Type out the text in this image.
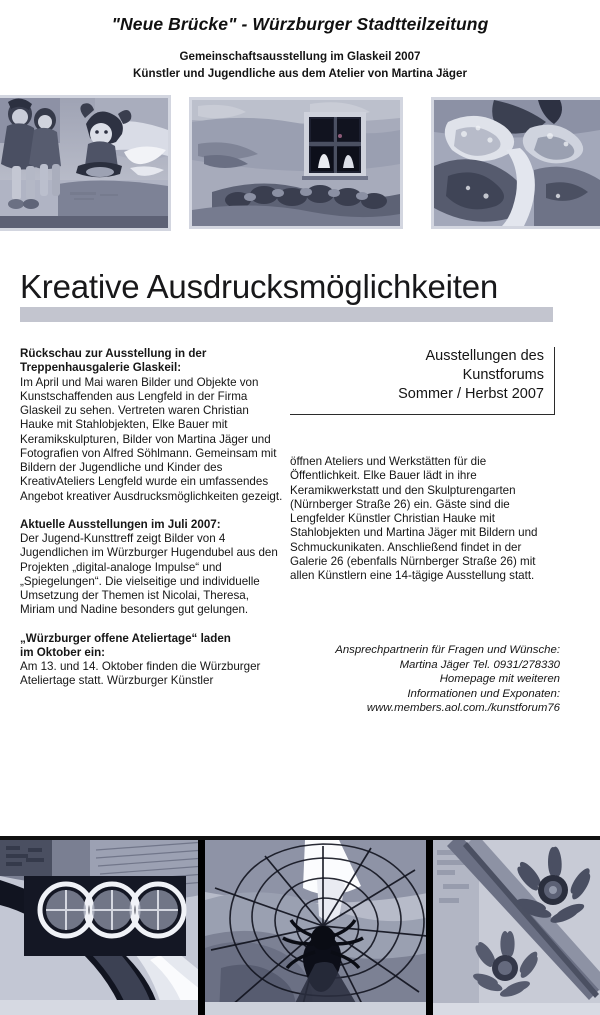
"Neue Brücke" - Würzburger Stadtteilzeitung
Gemeinschaftsausstellung im Glaskeil 2007
Künstler und Jugendliche aus dem Atelier von Martina Jäger
Kreative Ausdrucksmöglichkeiten

Rückschau zur Ausstellung in der

Treppenhausgalerie Glaskeil:

Im April und Mai waren Bilder und Objekte von Kunstschaffenden aus Lengfeld in der Firma Glaskeil zu sehen. Vertreten waren Christian Hauke mit Stahlobjekten, Elke Bauer mit Keramikskulpturen, Bilder von Martina Jäger und Fotografien von Alfred Söhlmann. Gemeinsam mit Bildern der Jugendliche und Kinder des KreativAteliers Lengfeld wurde ein umfassendes Angebot kreativer Ausdrucksmöglichkeiten gezeigt.

Aktuelle Ausstellungen im Juli 2007:

Der Jugend-Kunsttreff zeigt Bilder von 4 Jugendlichen im Würzburger Hugendubel aus den Projekten „digital-analoge Impulse“ und „Spiegelungen“. Die vielseitige und individuelle Umsetzung der Themen ist Nicolai, Theresa, Miriam und Nadine besonders gut gelungen.

„Würzburger offene Ateliertage“ laden

im Oktober ein:

Am 13. und 14. Oktober finden die Würzburger Ateliertage statt. Würzburger Künstler

Ausstellungen des
Kunstforums
Sommer / Herbst 2007

öffnen Ateliers und Werkstätten für die Öffentlichkeit. Elke Bauer lädt in ihre Keramikwerkstatt und den Skulpturengarten (Nürnberger Straße 26) ein. Gäste sind die Lengfelder Künstler Christian Hauke mit Stahlobjekten und Martina Jäger mit Bildern und Schmuckunikaten. Anschließend findet in der Galerie 26 (ebenfalls Nürnberger Straße 26) mit allen Künstlern eine 14-tägige Ausstellung statt.

Ansprechpartnerin für Fragen und Wünsche:
Martina Jäger Tel. 0931/278330
Homepage mit weiteren
Informationen und Exponaten:
www.members.aol.com./kunstforum76
